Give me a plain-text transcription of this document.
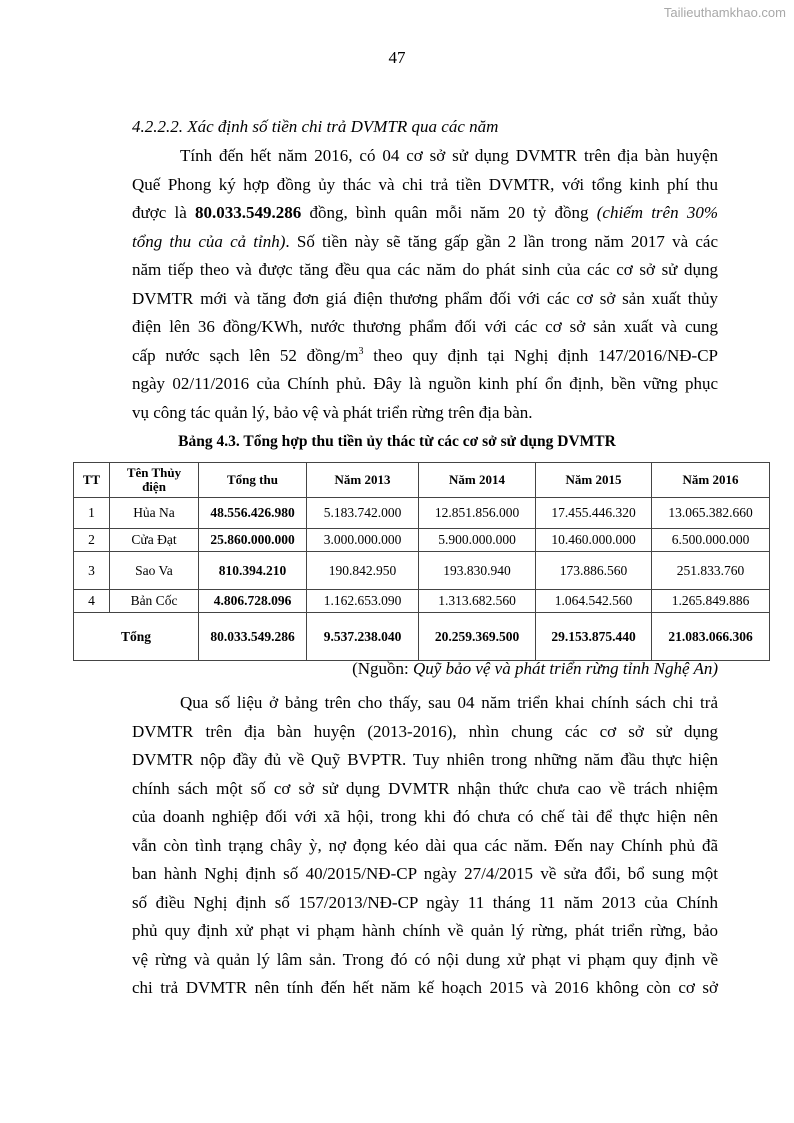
Tailieuthamkhao.com
47
4.2.2.2. Xác định số tiền chi trả DVMTR qua các năm
Tính đến hết năm 2016, có 04 cơ sở sử dụng DVMTR trên địa bàn huyện
Quế Phong ký hợp đồng ủy thác và chi trả tiền DVMTR, với tổng kinh phí thu
được là 80.033.549.286 đồng, bình quân mỗi năm 20 tỷ đồng (chiếm trên 30%
tổng thu của cả tỉnh). Số tiền này sẽ tăng gấp gần 2 lần trong năm 2017 và các
năm tiếp theo và được tăng đều qua các năm do phát sinh của các cơ sở sử dụng
DVMTR mới và tăng đơn giá điện thương phẩm đối với các cơ sở sản xuất thủy
điện lên 36 đồng/KWh, nước thương phẩm đối với các cơ sở sản xuất và cung
cấp nước sạch lên 52 đồng/$m^3$ theo quy định tại Nghị định 147/2016/NĐ-CP
ngày 02/11/2016 của Chính phủ. Đây là nguồn kinh phí ổn định, bền vững phục
vụ công tác quản lý, bảo vệ và phát triển rừng trên địa bàn.
Bảng 4.3. Tổng hợp thu tiền ủy thác từ các cơ sở sử dụng DVMTR
TT	Tên Thủy điện	Tổng thu	Năm 2013	Năm 2014	Năm 2015	Năm 2016
1	Hủa Na	48.556.426.980	5.183.742.000	12.851.856.000	17.455.446.320	13.065.382.660
2	Cửa Đạt	25.860.000.000	3.000.000.000	5.900.000.000	10.460.000.000	6.500.000.000
3	Sao Va	810.394.210	190.842.950	193.830.940	173.886.560	251.833.760
4	Bản Cốc	4.806.728.096	1.162.653.090	1.313.682.560	1.064.542.560	1.265.849.886
Tổng		80.033.549.286	9.537.238.040	20.259.369.500	29.153.875.440	21.083.066.306
(Nguồn: Quỹ bảo vệ và phát triển rừng tỉnh Nghệ An)
Qua số liệu ở bảng trên cho thấy, sau 04 năm triển khai chính sách chi trả
DVMTR trên địa bàn huyện (2013-2016), nhìn chung các cơ sở sử dụng
DVMTR nộp đầy đủ về Quỹ BVPTR. Tuy nhiên trong những năm đầu thực hiện
chính sách một số cơ sở sử dụng DVMTR nhận thức chưa cao về trách nhiệm
của doanh nghiệp đối với xã hội, trong khi đó chưa có chế tài để thực hiện nên
vẫn còn tình trạng chây ỳ, nợ đọng kéo dài qua các năm. Đến nay Chính phủ đã
ban hành Nghị định số 40/2015/NĐ-CP ngày 27/4/2015 về sửa đổi, bổ sung một
số điều Nghị định số 157/2013/NĐ-CP ngày 11 tháng 11 năm 2013 của Chính
phủ quy định xử phạt vi phạm hành chính về quản lý rừng, phát triển rừng, bảo
vệ rừng và quản lý lâm sản. Trong đó có nội dung xử phạt vi phạm quy định về
chi trả DVMTR nên tính đến hết năm kế hoạch 2015 và 2016 không còn cơ sở
